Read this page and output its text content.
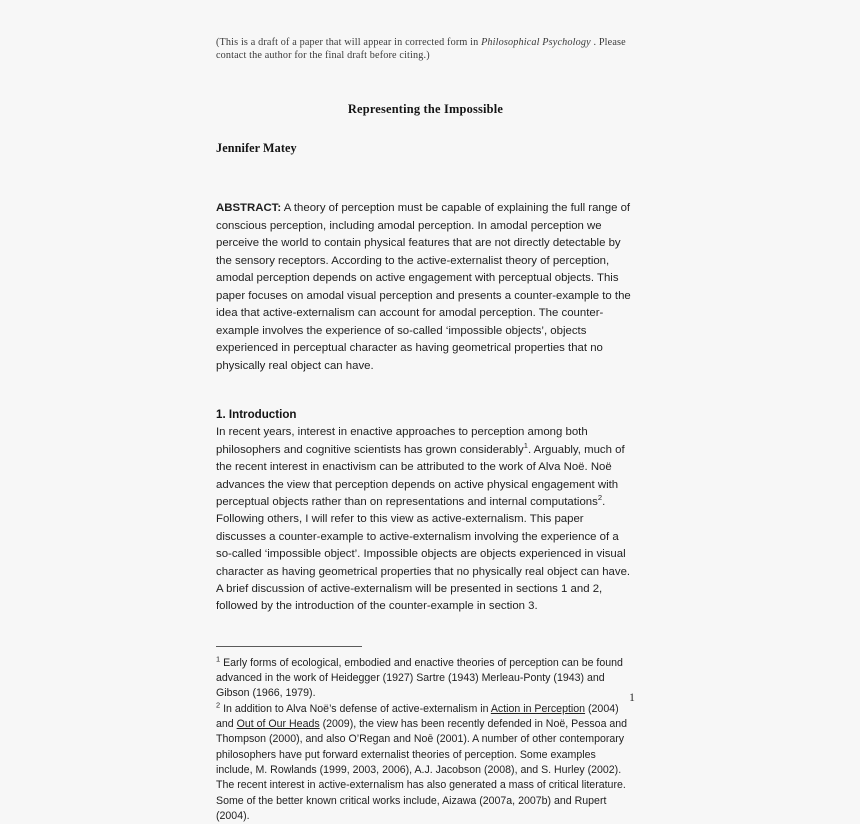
(This is a draft of a paper that will appear in corrected form in Philosophical Psychology . Please contact the author for the final draft before citing.)
Representing the Impossible
Jennifer Matey
ABSTRACT: A theory of perception must be capable of explaining the full range of conscious perception, including amodal perception. In amodal perception we perceive the world to contain physical features that are not directly detectable by the sensory receptors. According to the active-externalist theory of perception, amodal perception depends on active engagement with perceptual objects. This paper focuses on amodal visual perception and presents a counter-example to the idea that active-externalism can account for amodal perception. The counter-example involves the experience of so-called ‘impossible objects’, objects experienced in perceptual character as having geometrical properties that no physically real object can have.
1. Introduction
In recent years, interest in enactive approaches to perception among both philosophers and cognitive scientists has grown considerably$^1$. Arguably, much of the recent interest in enactivism can be attributed to the work of Alva Noë. Noë advances the view that perception depends on active physical engagement with perceptual objects rather than on representations and internal computations$^2$. Following others, I will refer to this view as active-externalism. This paper discusses a counter-example to active-externalism involving the experience of a so-called ‘impossible object’. Impossible objects are objects experienced in visual character as having geometrical properties that no physically real object can have. A brief discussion of active-externalism will be presented in sections 1 and 2, followed by the introduction of the counter-example in section 3.
$^1$ Early forms of ecological, embodied and enactive theories of perception can be found advanced in the work of Heidegger (1927) Sartre (1943) Merleau-Ponty (1943) and Gibson (1966, 1979).
$^2$ In addition to Alva Noë’s defense of active-externalism in Action in Perception (2004) and Out of Our Heads (2009), the view has been recently defended in Noë, Pessoa and Thompson (2000), and also O’Regan and Noē (2001). A number of other contemporary philosophers have put forward externalist theories of perception. Some examples include, M. Rowlands (1999, 2003, 2006), A.J. Jacobson (2008), and S. Hurley (2002). The recent interest in active-externalism has also generated a mass of critical literature. Some of the better known critical works include, Aizawa (2007a, 2007b) and Rupert (2004).
1
